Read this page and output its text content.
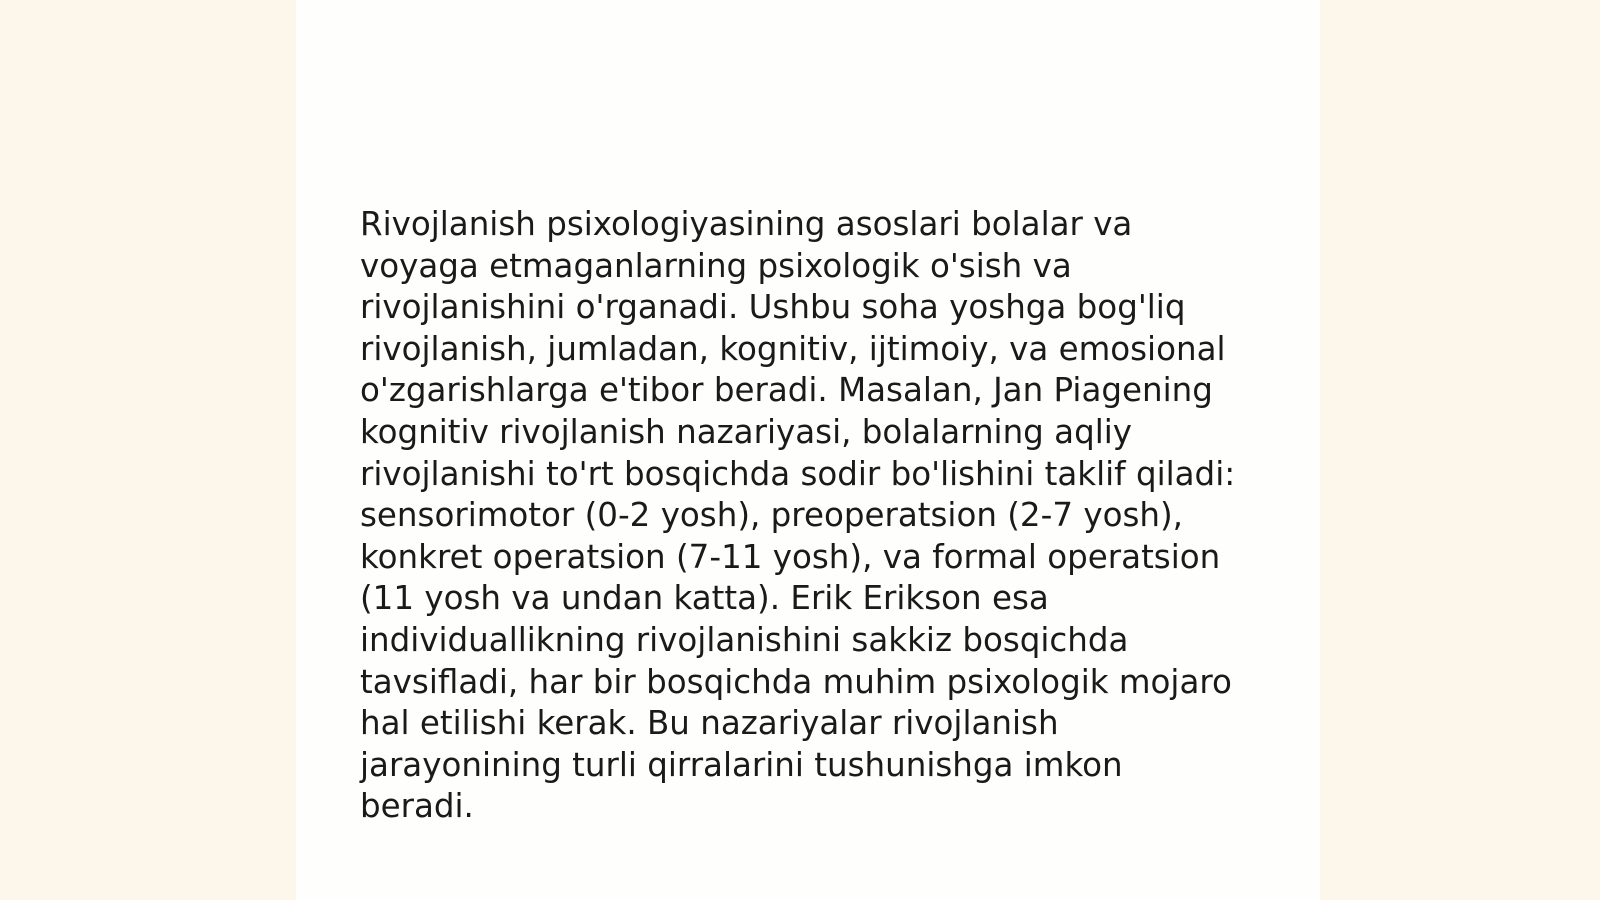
Rivojlanish psixologiyasining asoslari bolalar va
voyaga etmaganlarning psixologik o'sish va
rivojlanishini o'rganadi. Ushbu soha yoshga bog'liq
rivojlanish, jumladan, kognitiv, ijtimoiy, va emosional
o'zgarishlarga e'tibor beradi. Masalan, Jan Piagening
kognitiv rivojlanish nazariyasi, bolalarning aqliy
rivojlanishi to'rt bosqichda sodir bo'lishini taklif qiladi:
sensorimotor (0-2 yosh), preoperatsion (2-7 yosh),
konkret operatsion (7-11 yosh), va formal operatsion
(11 yosh va undan katta). Erik Erikson esa
individuallikning rivojlanishini sakkiz bosqichda
tavsifladi, har bir bosqichda muhim psixologik mojaro
hal etilishi kerak. Bu nazariyalar rivojlanish
jarayonining turli qirralarini tushunishga imkon
beradi.
